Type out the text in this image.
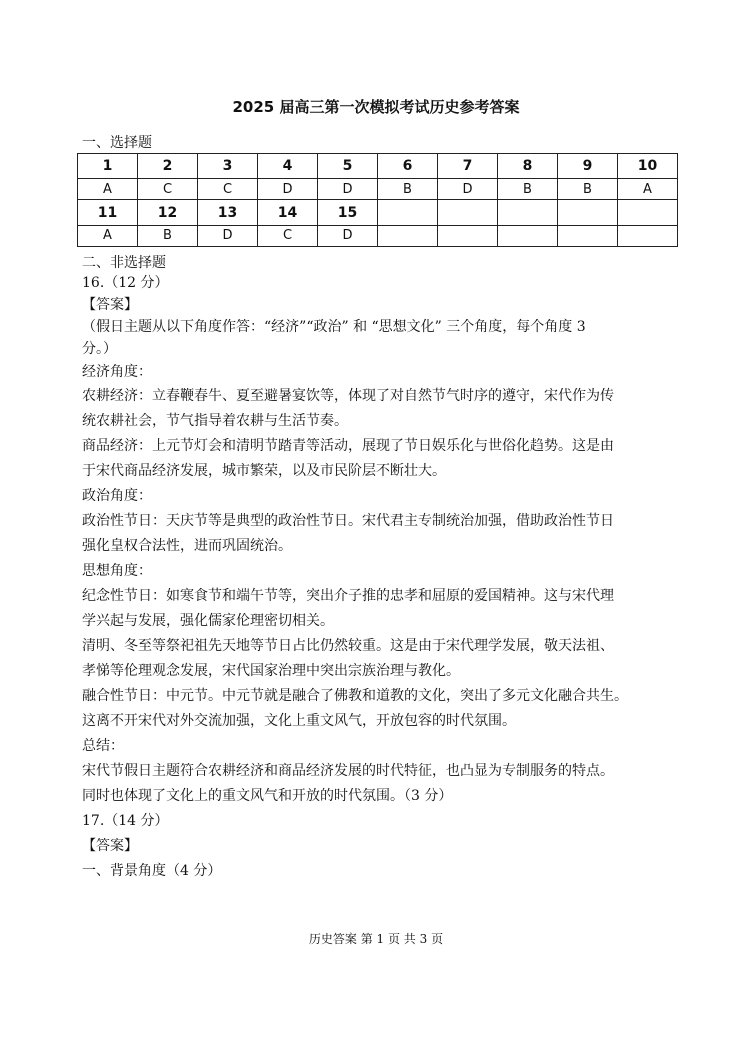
2025 届高三第一次模拟考试历史参考答案
一、选择题
1	2	3	4	5	6	7	8	9	10
A	C	C	D	D	B	D	B	B	A
11	12	13	14	15					
A	B	D	C	D					

二、非选择题

16.（12 分）

【答案】

（假日主题从以下角度作答：“经济”“政治” 和 “思想文化” 三个角度，每个角度 3

分。）

经济角度：

农耕经济：立春鞭春牛、夏至避暑宴饮等，体现了对自然节气时序的遵守，宋代作为传

统农耕社会，节气指导着农耕与生活节奏。

商品经济：上元节灯会和清明节踏青等活动，展现了节日娱乐化与世俗化趋势。这是由

于宋代商品经济发展，城市繁荣，以及市民阶层不断壮大。

政治角度：

政治性节日：天庆节等是典型的政治性节日。宋代君主专制统治加强，借助政治性节日

强化皇权合法性，进而巩固统治。

思想角度：

纪念性节日：如寒食节和端午节等，突出介子推的忠孝和屈原的爱国精神。这与宋代理

学兴起与发展，强化儒家伦理密切相关。

清明、冬至等祭祀祖先天地等节日占比仍然较重。这是由于宋代理学发展，敬天法祖、

孝悌等伦理观念发展，宋代国家治理中突出宗族治理与教化。

融合性节日：中元节。中元节就是融合了佛教和道教的文化，突出了多元文化融合共生。

这离不开宋代对外交流加强，文化上重文风气，开放包容的时代氛围。

总结：

宋代节假日主题符合农耕经济和商品经济发展的时代特征，也凸显为专制服务的特点。

同时也体现了文化上的重文风气和开放的时代氛围。（3 分）

17.（14 分）

【答案】

一、背景角度（4 分）

历史答案 第 1 页 共 3 页
